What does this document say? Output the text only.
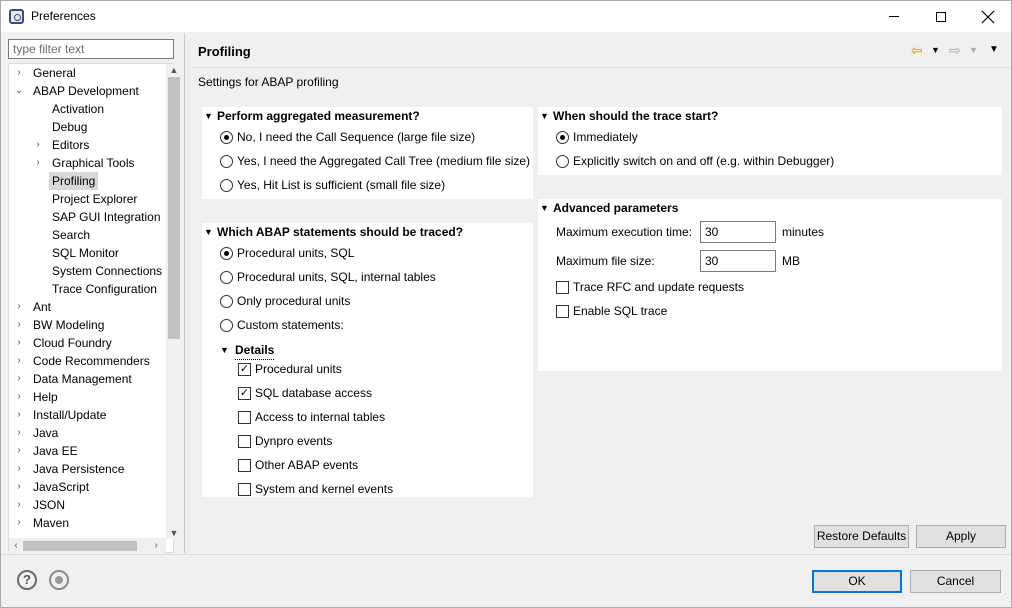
Preferences
type filter text
›	Maven
›	JSON
›	JavaScript
›	Java Persistence
›	Java EE
›	Java
›	Install/Update
›	Help
›	Data Management
›	Code Recommenders
›	Cloud Foundry
›	BW Modeling
›	Ant
Trace Configuration
System Connections
SQL Monitor
Search
SAP GUI Integration
Project Explorer
Profiling
›	Graphical Tools
›	Editors
Debug
Activation
⌄ ABAP Development
›	General	▲
▼
‹	›
Profiling	⇦ ▼ ⇨ ▼ ▼
Settings for ABAP profiling
▼ Perform aggregated measurement?
No, I need the Call Sequence (large file size)
Yes, I need the Aggregated Call Tree (medium file size)
Yes, Hit List is sufficient (small file size)
▼ Which ABAP statements should be traced?
Procedural units, SQL
Procedural units, SQL, internal tables
Only procedural units
Custom statements:
▼ Details
✓ Procedural units
✓ SQL database access
Access to internal tables
Dynpro events
Other ABAP events
System and kernel events
▼ When should the trace start?
Immediately
Explicitly switch on and off (e.g. within Debugger)
▼ Advanced parameters
Maximum execution time:
30	minutes
Maximum file size:
30	MB
Trace RFC and update requests
Enable SQL trace
Restore Defaults	Apply
?	OK	Cancel
